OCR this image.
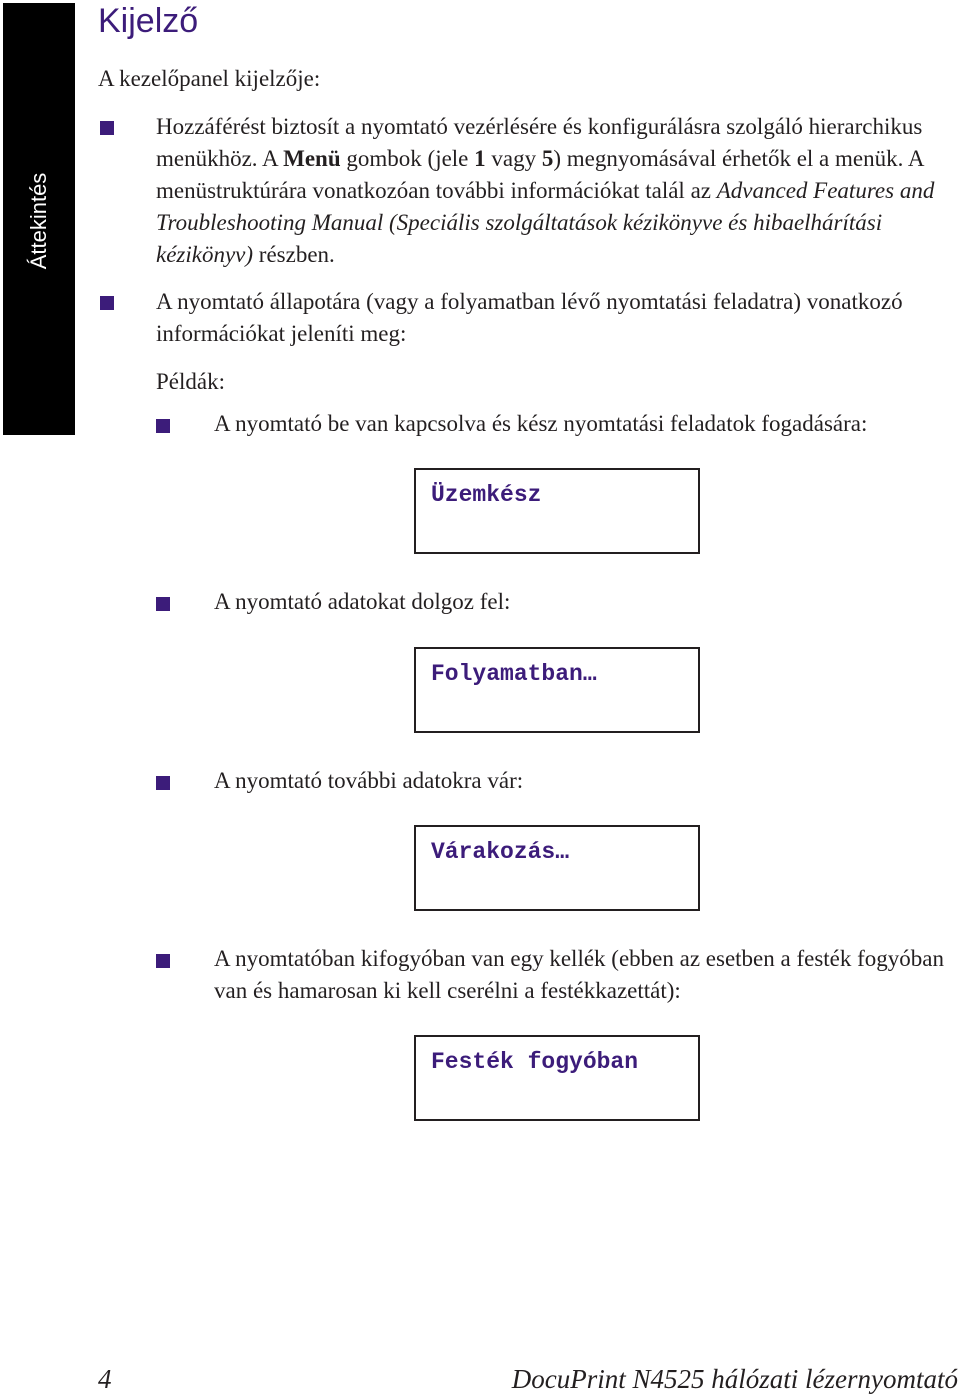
Áttekintés
Kijelző

A kezelőpanel kijelzője:

Hozzáférést biztosít a nyomtató vezérlésére és konfigurálásra szolgáló hierarchikus menükhöz. A Menü gombok (jele 1 vagy 5) megnyomásával érhetők el a menük. A menüstruktúrára vonatkozóan további információkat talál az Advanced Features and Troubleshooting Manual (Speciális szolgáltatások kézikönyve és hibaelhárítási kézikönyv) részben.

A nyomtató állapotára (vagy a folyamatban lévő nyomtatási feladatra) vonatkozó információkat jeleníti meg:

Példák:

A nyomtató be van kapcsolva és kész nyomtatási feladatok fogadására:

Üzemkész

A nyomtató adatokat dolgoz fel:

Folyamatban…

A nyomtató további adatokra vár:

Várakozás…

A nyomtatóban kifogyóban van egy kellék (ebben az esetben a festék fogyóban van és hamarosan ki kell cserélni a festékkazettát):

Festék fogyóban
4	DocuPrint N4525 hálózati lézernyomtató
